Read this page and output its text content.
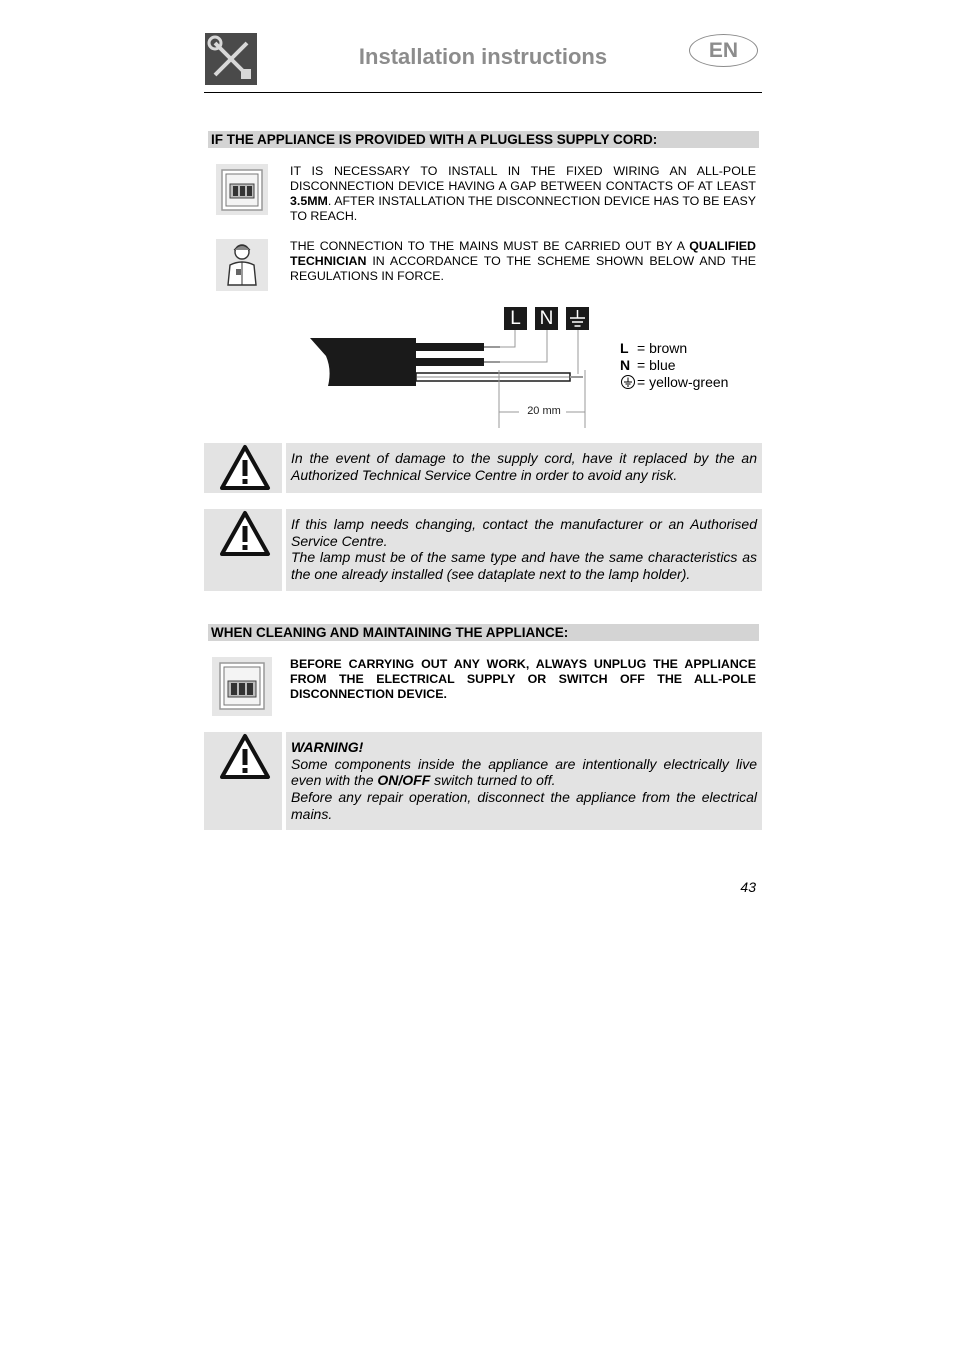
Installation instructions	EN
IF THE APPLIANCE IS PROVIDED WITH A PLUGLESS SUPPLY CORD:
IT IS NECESSARY TO INSTALL IN THE FIXED WIRING AN ALL-POLE DISCONNECTION DEVICE HAVING A GAP BETWEEN CONTACTS OF AT LEAST 3.5MM. AFTER INSTALLATION THE DISCONNECTION DEVICE HAS TO BE EASY TO REACH.
THE CONNECTION TO THE MAINS MUST BE CARRIED OUT BY A QUALIFIED TECHNICIAN IN ACCORDANCE TO THE SCHEME SHOWN BELOW AND THE REGULATIONS IN FORCE.
L N
20 mm
L = brown
N = blue
= yellow-green
In the event of damage to the supply cord, have it replaced by the an Authorized Technical Service Centre in order to avoid any risk.
If this lamp needs changing, contact the manufacturer or an Authorised Service Centre.
The lamp must be of the same type and have the same characteristics as the one already installed (see dataplate next to the lamp holder).
WHEN CLEANING AND MAINTAINING THE APPLIANCE:
BEFORE CARRYING OUT ANY WORK, ALWAYS UNPLUG THE APPLIANCE FROM THE ELECTRICAL SUPPLY OR SWITCH OFF THE ALL-POLE DISCONNECTION DEVICE.
WARNING!
Some components inside the appliance are intentionally electrically live even with the ON/OFF switch turned to off.
Before any repair operation, disconnect the appliance from the electrical mains.
43
